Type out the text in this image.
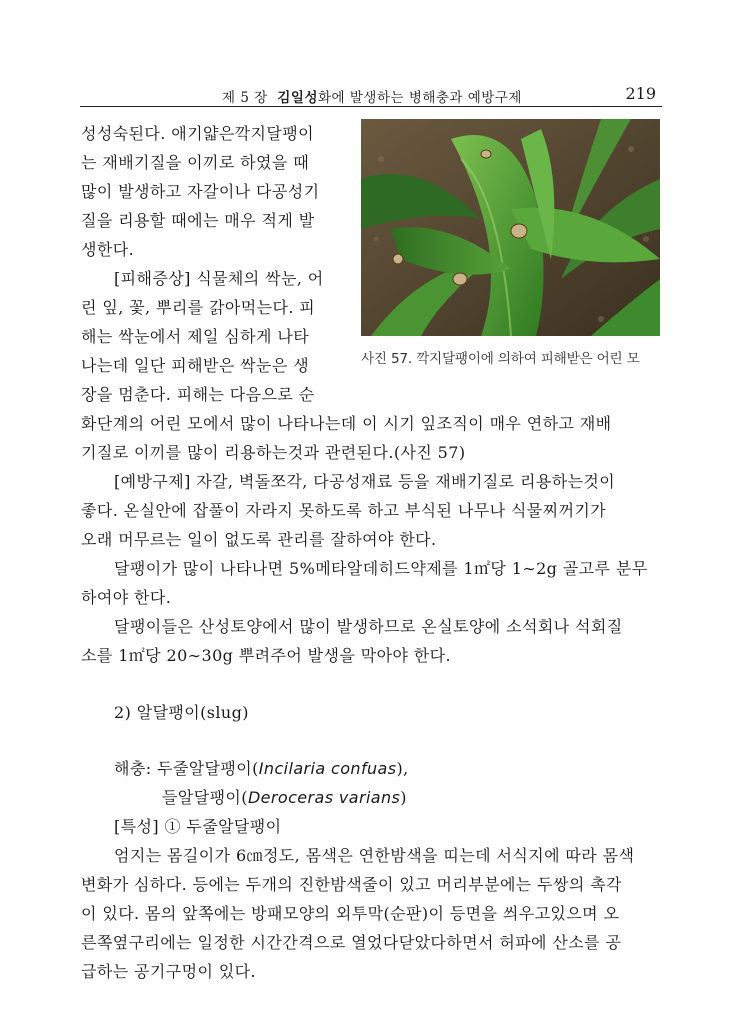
제 5 장 김일성화에 발생하는 병해충과 예방구제	219
사진 57. 깍지달팽이에 의하여 피해받은 어린 모
성성숙된다. 애기얇은깍지달팽이
는 재배기질을 이끼로 하였을 때
많이 발생하고 자갈이나 다공성기
질을 리용할 때에는 매우 적게 발
생한다.
[피해증상] 식물체의 싹눈, 어
린 잎, 꽃, 뿌리를 갉아먹는다. 피
해는 싹눈에서 제일 심하게 나타
나는데 일단 피해받은 싹눈은 생
장을 멈춘다. 피해는 다음으로 순
화단계의 어린 모에서 많이 나타나는데 이 시기 잎조직이 매우 연하고 재배
기질로 이끼를 많이 리용하는것과 관련된다.(사진 57)
[예방구제] 자갈, 벽돌쪼각, 다공성재료 등을 재배기질로 리용하는것이
좋다. 온실안에 잡풀이 자라지 못하도록 하고 부식된 나무나 식물찌꺼기가
오래 머무르는 일이 없도록 관리를 잘하여야 한다.
달팽이가 많이 나타나면 5%메타알데히드약제를 1㎡당 1∼2g 골고루 분무
하여야 한다.
달팽이들은 산성토양에서 많이 발생하므로 온실토양에 소석회나 석회질
소를 1㎡당 20∼30g 뿌려주어 발생을 막아야 한다.
2) 알달팽이(slug)
해충: 두줄알달팽이(Incilaria confuas),
들알달팽이(Deroceras varians)
[특성] ① 두줄알달팽이
엄지는 몸길이가 6㎝정도, 몸색은 연한밤색을 띠는데 서식지에 따라 몸색
변화가 심하다. 등에는 두개의 진한밤색줄이 있고 머리부분에는 두쌍의 촉각
이 있다. 몸의 앞쪽에는 방패모양의 외투막(순판)이 등면을 씌우고있으며 오
른쪽옆구리에는 일정한 시간간격으로 열었다닫았다하면서 허파에 산소를 공
급하는 공기구멍이 있다.
